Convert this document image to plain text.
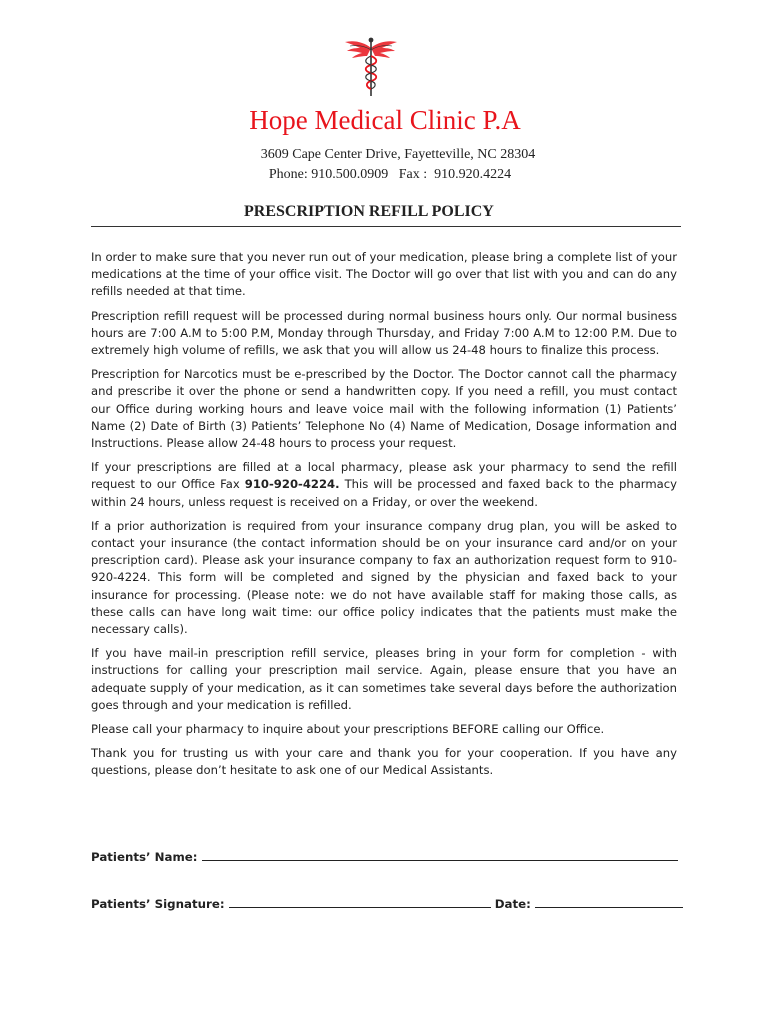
Hope Medical Clinic P.A
3609 Cape Center Drive, Fayetteville, NC 28304
Phone: 910.500.0909   Fax :  910.920.4224
PRESCRIPTION REFILL POLICY

In order to make sure that you never run out of your medication, please bring a complete list of your medications at the time of your office visit. The Doctor will go over that list with you and can do any refills needed at that time.

Prescription refill request will be processed during normal business hours only. Our normal business hours are 7:00 A.M to 5:00 P.M, Monday through Thursday, and Friday 7:00 A.M to 12:00 P.M. Due to extremely high volume of refills, we ask that you will allow us 24-48 hours to finalize this process.

Prescription for Narcotics must be e-prescribed by the Doctor. The Doctor cannot call the pharmacy and prescribe it over the phone or send a handwritten copy. If you need a refill, you must contact our Office during working hours and leave voice mail with the following information (1) Patients’ Name (2) Date of Birth (3) Patients’ Telephone No (4) Name of Medication, Dosage information and Instructions. Please allow 24-48 hours to process your request.

If your prescriptions are filled at a local pharmacy, please ask your pharmacy to send the refill request to our Office Fax 910-920-4224. This will be processed and faxed back to the pharmacy within 24 hours, unless request is received on a Friday, or over the weekend.

If a prior authorization is required from your insurance company drug plan, you will be asked to contact your insurance (the contact information should be on your insurance card and/or on your prescription card). Please ask your insurance company to fax an authorization request form to 910-920-4224. This form will be completed and signed by the physician and faxed back to your insurance for processing. (Please note: we do not have available staff for making those calls, as these calls can have long wait time: our office policy indicates that the patients must make the necessary calls).

If you have mail-in prescription refill service, pleases bring in your form for completion - with instructions for calling your prescription mail service. Again, please ensure that you have an adequate supply of your medication, as it can sometimes take several days before the authorization goes through and your medication is refilled.

Please call your pharmacy to inquire about your prescriptions BEFORE calling our Office.

Thank you for trusting us with your care and thank you for your cooperation. If you have any questions, please don’t hesitate to ask one of our Medical Assistants.

Patients’ Name:
Patients’ Signature:	Date:
